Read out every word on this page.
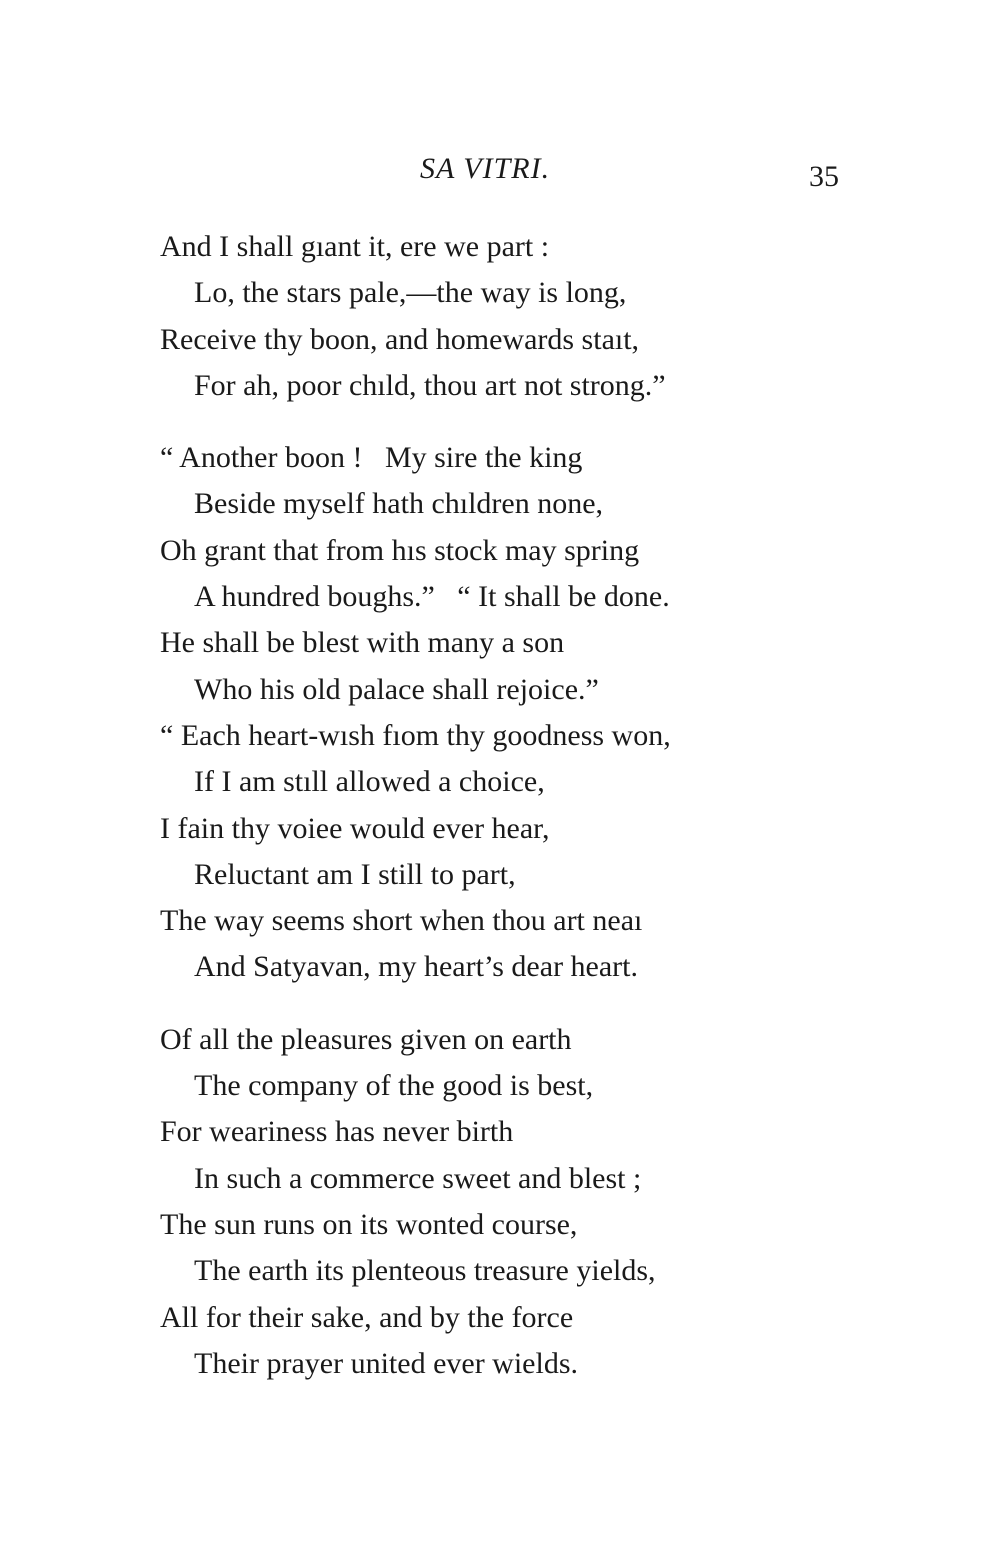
SA VITRI.	35
And I shall gıant it, ere we part :
Lo, the stars pale,—the way is long,
Receive thy boon, and homewards staıt,
For ah, poor chıld, thou art not strong.”
“ Another boon !   My sire the king
Beside myself hath chıldren none,
Oh grant that from hıs stock may spring
A hundred boughs.”   “ It shall be done.
He shall be blest with many a son
Who his old palace shall rejoice.”
“ Each heart-wısh fıom thy goodness won,
If I am stıll allowed a choice,
I fain thy voiee would ever hear,
Reluctant am I still to part,
The way seems short when thou art neaı
And Satyavan, my heart’s dear heart.
Of all the pleasures given on earth
The company of the good is best,
For weariness has never birth
In such a commerce sweet and blest ;
The sun runs on its wonted course,
The earth its plenteous treasure yields,
All for their sake, and by the force
Their prayer united ever wields.
